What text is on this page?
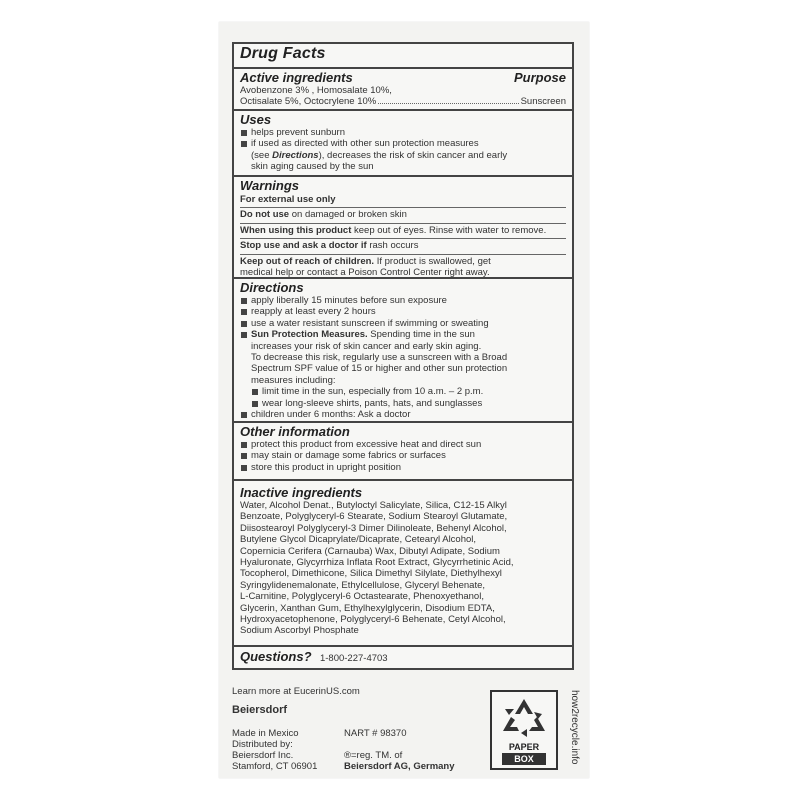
Drug Facts
Active ingredients	Purpose
Avobenzone 3% , Homosalate 10%,
Octisalate 5%, Octocrylene 10%	Sunscreen
Uses
helps prevent sunburn
if used as directed with other sun protection measures
(see Directions), decreases the risk of skin cancer and early
skin aging caused by the sun
Warnings
For external use only
Do not use on damaged or broken skin
When using this product keep out of eyes. Rinse with water to remove.
Stop use and ask a doctor if rash occurs
Keep out of reach of children. If product is swallowed, get
medical help or contact a Poison Control Center right away.
Directions
apply liberally 15 minutes before sun exposure
reapply at least every 2 hours
use a water resistant sunscreen if swimming or sweating
Sun Protection Measures. Spending time in the sun
increases your risk of skin cancer and early skin aging.
To decrease this risk, regularly use a sunscreen with a Broad
Spectrum SPF value of 15 or higher and other sun protection
measures including:
limit time in the sun, especially from 10 a.m. – 2 p.m.
wear long-sleeve shirts, pants, hats, and sunglasses
children under 6 months: Ask a doctor
Other information
protect this product from excessive heat and direct sun
may stain or damage some fabrics or surfaces
store this product in upright position
Inactive ingredients
Water, Alcohol Denat., Butyloctyl Salicylate, Silica, C12-15 Alkyl
Benzoate, Polyglyceryl-6 Stearate, Sodium Stearoyl Glutamate,
Diisostearoyl Polyglyceryl-3 Dimer Dilinoleate, Behenyl Alcohol,
Butylene Glycol Dicaprylate/Dicaprate, Cetearyl Alcohol,
Copernicia Cerifera (Carnauba) Wax, Dibutyl Adipate, Sodium
Hyaluronate, Glycyrrhiza Inflata Root Extract, Glycyrrhetinic Acid,
Tocopherol, Dimethicone, Silica Dimethyl Silylate, Diethylhexyl
Syringylidenemalonate, Ethylcellulose, Glyceryl Behenate,
L-Carnitine, Polyglyceryl-6 Octastearate, Phenoxyethanol,
Glycerin, Xanthan Gum, Ethylhexylglycerin, Disodium EDTA,
Hydroxyacetophenone, Polyglyceryl-6 Behenate, Cetyl Alcohol,
Sodium Ascorbyl Phosphate
Questions? 1-800-227-4703
Learn more at EucerinUS.com
Beiersdorf
Made in Mexico
Distributed by:
Beiersdorf Inc.
Stamford, CT 06901
NART # 98370
®=reg. TM. of
Beiersdorf AG, Germany
PAPER
BOX	how2recycle.info
